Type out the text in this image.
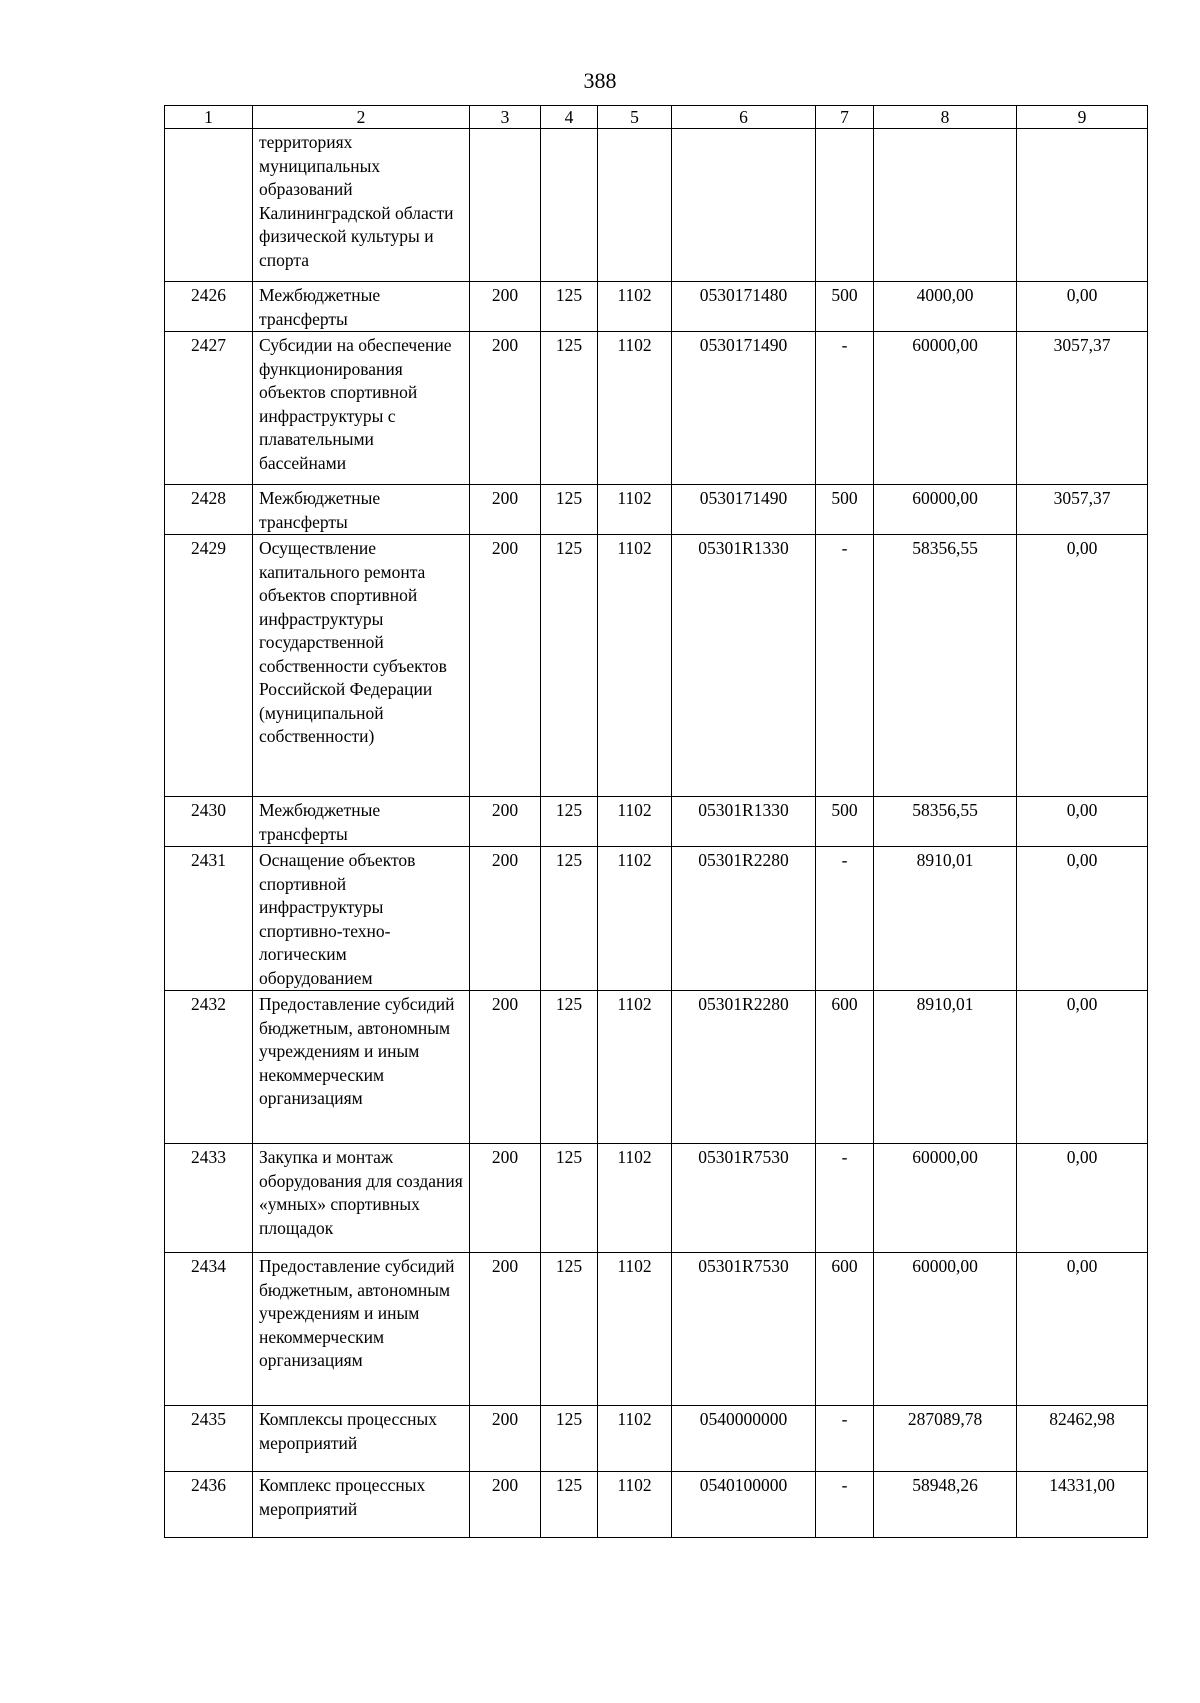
388
1	2	3	4	5	6	7	8	9
	территориях муниципальных образований Калининградской области физической культуры и спорта							
2426	Межбюджетные трансферты	200	125	1102	0530171480	500	4000,00	0,00
2427	Субсидии на обеспечение функционирования объектов спортивной инфраструктуры с плавательными бассейнами	200	125	1102	0530171490	-	60000,00	3057,37
2428	Межбюджетные трансферты	200	125	1102	0530171490	500	60000,00	3057,37
2429	Осуществление капитального ремонта объектов спортивной инфраструктуры государственной собственности субъектов Российской Федерации (муниципальной собственности)	200	125	1102	05301R1330	-	58356,55	0,00
2430	Межбюджетные трансферты	200	125	1102	05301R1330	500	58356,55	0,00
2431	Оснащение объектов спортивной инфраструктуры спортивно-техно-логическим оборудованием	200	125	1102	05301R2280	-	8910,01	0,00
2432	Предоставление субсидий бюджетным, автономным учреждениям и иным некоммерческим организациям	200	125	1102	05301R2280	600	8910,01	0,00
2433	Закупка и монтаж оборудования для создания «умных» спортивных площадок	200	125	1102	05301R7530	-	60000,00	0,00
2434	Предоставление субсидий бюджетным, автономным учреждениям и иным некоммерческим организациям	200	125	1102	05301R7530	600	60000,00	0,00
2435	Комплексы процессных мероприятий	200	125	1102	0540000000	-	287089,78	82462,98
2436	Комплекс процессных мероприятий	200	125	1102	0540100000	-	58948,26	14331,00
